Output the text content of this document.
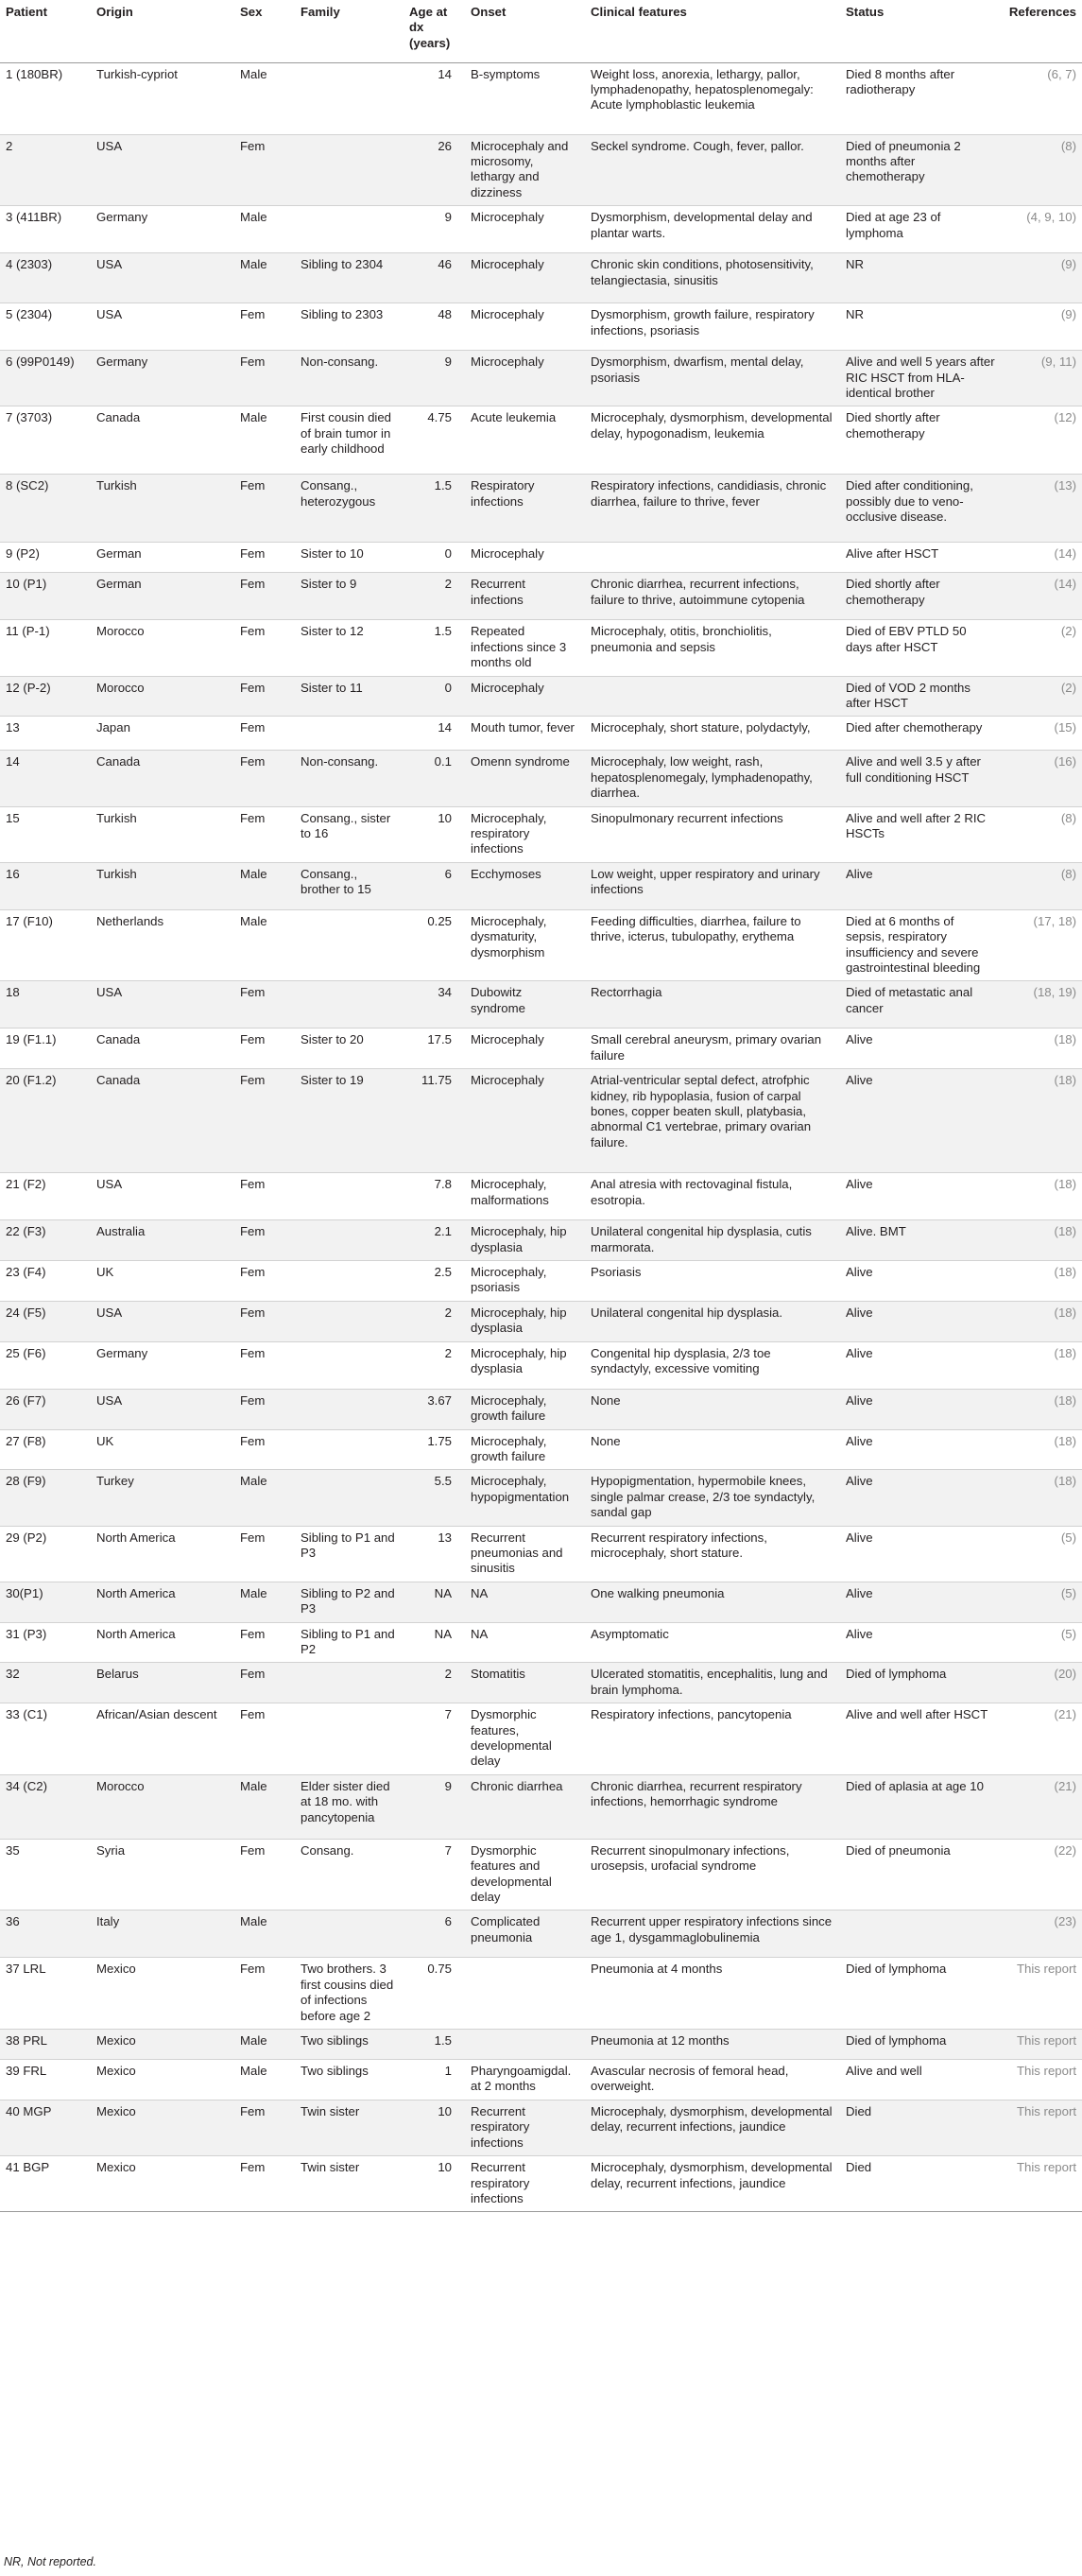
Patient	Origin	Sex	Family	Age at dx (years)	Onset	Clinical features	Status	References
1 (180BR)	Turkish-cypriot	Male		14	B-symptoms	Weight loss, anorexia, lethargy, pallor, lymphadenopathy, hepatosplenomegaly: Acute lymphoblastic leukemia	Died 8 months after radiotherapy	(6, 7)
2	USA	Fem		26	Microcephaly and microsomy, lethargy and dizziness	Seckel syndrome. Cough, fever, pallor.	Died of pneumonia 2 months after chemotherapy	(8)
3 (411BR)	Germany	Male		9	Microcephaly	Dysmorphism, developmental delay and plantar warts.	Died at age 23 of lymphoma	(4, 9, 10)
4 (2303)	USA	Male	Sibling to 2304	46	Microcephaly	Chronic skin conditions, photosensitivity, telangiectasia, sinusitis	NR	(9)
5 (2304)	USA	Fem	Sibling to 2303	48	Microcephaly	Dysmorphism, growth failure, respiratory infections, psoriasis	NR	(9)
6 (99P0149)	Germany	Fem	Non-consang.	9	Microcephaly	Dysmorphism, dwarfism, mental delay, psoriasis	Alive and well 5 years after RIC HSCT from HLA-identical brother	(9, 11)
7 (3703)	Canada	Male	First cousin died of brain tumor in early childhood	4.75	Acute leukemia	Microcephaly, dysmorphism, developmental delay, hypogonadism, leukemia	Died shortly after chemotherapy	(12)
8 (SC2)	Turkish	Fem	Consang., heterozygous	1.5	Respiratory infections	Respiratory infections, candidiasis, chronic diarrhea, failure to thrive, fever	Died after conditioning, possibly due to veno-occlusive disease.	(13)
9 (P2)	German	Fem	Sister to 10	0	Microcephaly		Alive after HSCT	(14)
10 (P1)	German	Fem	Sister to 9	2	Recurrent infections	Chronic diarrhea, recurrent infections, failure to thrive, autoimmune cytopenia	Died shortly after chemotherapy	(14)
11 (P-1)	Morocco	Fem	Sister to 12	1.5	Repeated infections since 3 months old	Microcephaly, otitis, bronchiolitis, pneumonia and sepsis	Died of EBV PTLD 50 days after HSCT	(2)
12 (P-2)	Morocco	Fem	Sister to 11	0	Microcephaly		Died of VOD 2 months after HSCT	(2)
13	Japan	Fem		14	Mouth tumor, fever	Microcephaly, short stature, polydactyly,	Died after chemotherapy	(15)
14	Canada	Fem	Non-consang.	0.1	Omenn syndrome	Microcephaly, low weight, rash, hepatosplenomegaly, lymphadenopathy, diarrhea.	Alive and well 3.5 y after full conditioning HSCT	(16)
15	Turkish	Fem	Consang., sister to 16	10	Microcephaly, respiratory infections	Sinopulmonary recurrent infections	Alive and well after 2 RIC HSCTs	(8)
16	Turkish	Male	Consang., brother to 15	6	Ecchymoses	Low weight, upper respiratory and urinary infections	Alive	(8)
17 (F10)	Netherlands	Male		0.25	Microcephaly, dysmaturity, dysmorphism	Feeding difficulties, diarrhea, failure to thrive, icterus, tubulopathy, erythema	Died at 6 months of sepsis, respiratory insufficiency and severe gastrointestinal bleeding	(17, 18)
18	USA	Fem		34	Dubowitz syndrome	Rectorrhagia	Died of metastatic anal cancer	(18, 19)
19 (F1.1)	Canada	Fem	Sister to 20	17.5	Microcephaly	Small cerebral aneurysm, primary ovarian failure	Alive	(18)
20 (F1.2)	Canada	Fem	Sister to 19	11.75	Microcephaly	Atrial-ventricular septal defect, atrofphic kidney, rib hypoplasia, fusion of carpal bones, copper beaten skull, platybasia, abnormal C1 vertebrae, primary ovarian failure.	Alive	(18)
21 (F2)	USA	Fem		7.8	Microcephaly, malformations	Anal atresia with rectovaginal fistula, esotropia.	Alive	(18)
22 (F3)	Australia	Fem		2.1	Microcephaly, hip dysplasia	Unilateral congenital hip dysplasia, cutis marmorata.	Alive. BMT	(18)
23 (F4)	UK	Fem		2.5	Microcephaly, psoriasis	Psoriasis	Alive	(18)
24 (F5)	USA	Fem		2	Microcephaly, hip dysplasia	Unilateral congenital hip dysplasia.	Alive	(18)
25 (F6)	Germany	Fem		2	Microcephaly, hip dysplasia	Congenital hip dysplasia, 2/3 toe syndactyly, excessive vomiting	Alive	(18)
26 (F7)	USA	Fem		3.67	Microcephaly, growth failure	None	Alive	(18)
27 (F8)	UK	Fem		1.75	Microcephaly, growth failure	None	Alive	(18)
28 (F9)	Turkey	Male		5.5	Microcephaly, hypopigmentation	Hypopigmentation, hypermobile knees, single palmar crease, 2/3 toe syndactyly, sandal gap	Alive	(18)
29 (P2)	North America	Fem	Sibling to P1 and P3	13	Recurrent pneumonias and sinusitis	Recurrent respiratory infections, microcephaly, short stature.	Alive	(5)
30(P1)	North America	Male	Sibling to P2 and P3	NA	NA	One walking pneumonia	Alive	(5)
31 (P3)	North America	Fem	Sibling to P1 and P2	NA	NA	Asymptomatic	Alive	(5)
32	Belarus	Fem		2	Stomatitis	Ulcerated stomatitis, encephalitis, lung and brain lymphoma.	Died of lymphoma	(20)
33 (C1)	African/Asian descent	Fem		7	Dysmorphic features, developmental delay	Respiratory infections, pancytopenia	Alive and well after HSCT	(21)
34 (C2)	Morocco	Male	Elder sister died at 18 mo. with pancytopenia	9	Chronic diarrhea	Chronic diarrhea, recurrent respiratory infections, hemorrhagic syndrome	Died of aplasia at age 10	(21)
35	Syria	Fem	Consang.	7	Dysmorphic features and developmental delay	Recurrent sinopulmonary infections, urosepsis, urofacial syndrome	Died of pneumonia	(22)
36	Italy	Male		6	Complicated pneumonia	Recurrent upper respiratory infections since age 1, dysgammaglobulinemia		(23)
37 LRL	Mexico	Fem	Two brothers. 3 first cousins died of infections before age 2	0.75		Pneumonia at 4 months	Died of lymphoma	This report
38 PRL	Mexico	Male	Two siblings	1.5		Pneumonia at 12 months	Died of lymphoma	This report
39 FRL	Mexico	Male	Two siblings	1	Pharyngoamigdal. at 2 months	Avascular necrosis of femoral head, overweight.	Alive and well	This report
40 MGP	Mexico	Fem	Twin sister	10	Recurrent respiratory infections	Microcephaly, dysmorphism, developmental delay, recurrent infections, jaundice	Died	This report
41 BGP	Mexico	Fem	Twin sister	10	Recurrent respiratory infections	Microcephaly, dysmorphism, developmental delay, recurrent infections, jaundice	Died	This report
NR, Not reported.
